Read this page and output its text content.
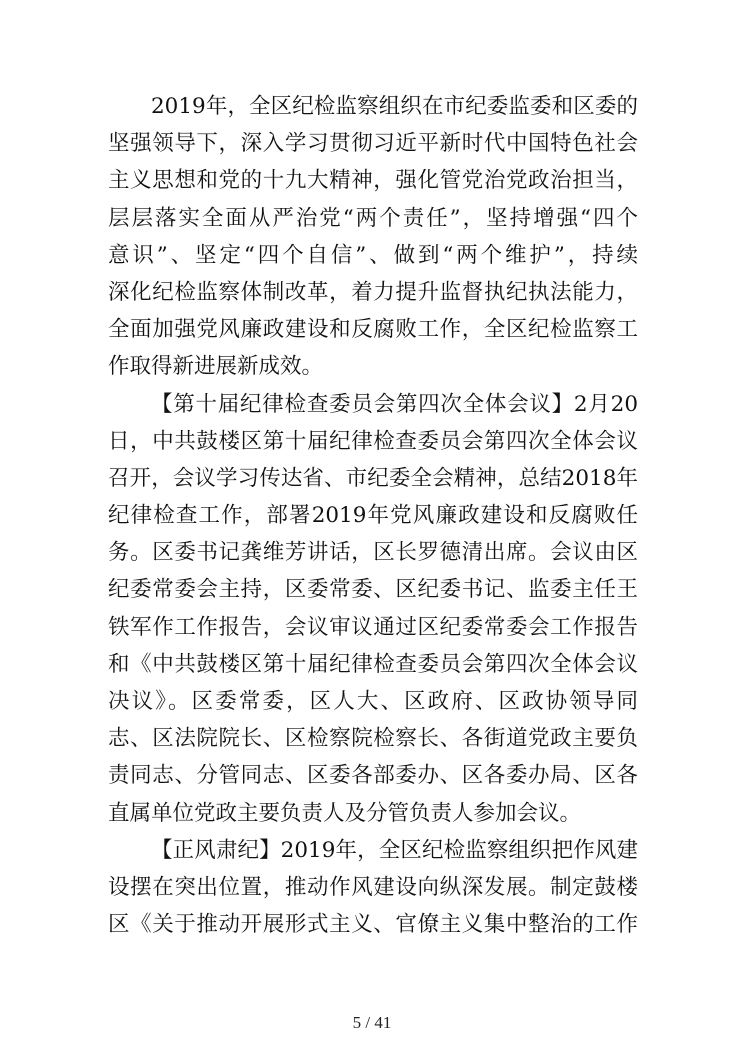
2019年，全区纪检监察组织在市纪委监委和区委的
坚强领导下，深入学习贯彻习近平新时代中国特色社会
主义思想和党的十九大精神，强化管党治党政治担当，
层层落实全面从严治党“两个责任”，坚持增强“四个
意识”、坚定“四个自信”、做到“两个维护”，持续
深化纪检监察体制改革，着力提升监督执纪执法能力，
全面加强党风廉政建设和反腐败工作，全区纪检监察工
作取得新进展新成效。
【第十届纪律检查委员会第四次全体会议】2月20
日，中共鼓楼区第十届纪律检查委员会第四次全体会议
召开，会议学习传达省、市纪委全会精神，总结2018年
纪律检查工作，部署2019年党风廉政建设和反腐败任
务。区委书记龚维芳讲话，区长罗德清出席。会议由区
纪委常委会主持，区委常委、区纪委书记、监委主任王
铁军作工作报告，会议审议通过区纪委常委会工作报告
和《中共鼓楼区第十届纪律检查委员会第四次全体会议
决议》。区委常委，区人大、区政府、区政协领导同
志、区法院院长、区检察院检察长、各街道党政主要负
责同志、分管同志、区委各部委办、区各委办局、区各
直属单位党政主要负责人及分管负责人参加会议。
【正风肃纪】2019年，全区纪检监察组织把作风建
设摆在突出位置，推动作风建设向纵深发展。制定鼓楼
区《关于推动开展形式主义、官僚主义集中整治的工作
5 / 41
